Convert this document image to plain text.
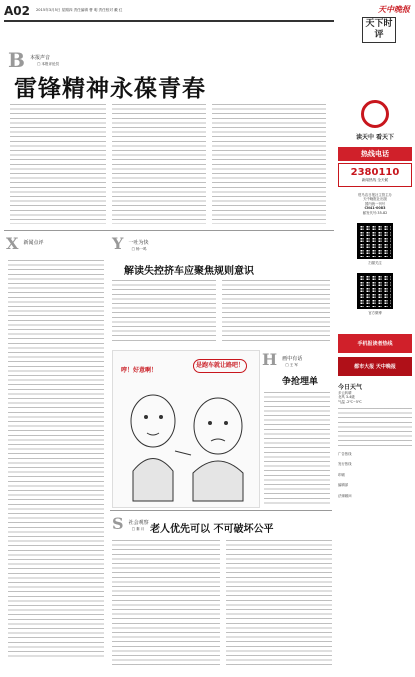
A02 2015年3月5日 星期四 责任编辑 曹 明 责任校对 戴 红	天中晚报
天下时评
B $^{本报声音}$ □ 本报评论员
雷锋精神永葆青春
读天中 看天下
热线电话
2380110
新闻热线 全天候
驻马店日报社主管主办
天中晚报社出版
国内统一刊号
CN41-0083
邮发代号:35-82
扫描关注
官方微博
手机报读者热线
都市大报 天中晚报
今日天气
多云转晴
北风 3-4级
气温 -2℃~5℃
广告热线
发行热线
印刷
编辑部
法律顾问
X $^{新闻点评}$	Y $^{一吐为快}$ □ 杨一鸣
解读失控挤车应聚焦规则意识
哼！好意啊！
是跑车就让路吧！ H $^{画中有话}$ □ 王 军
争抢埋单
S $^{社会观察}$ □ 秦 月 老人优先可以 不可破坏公平
